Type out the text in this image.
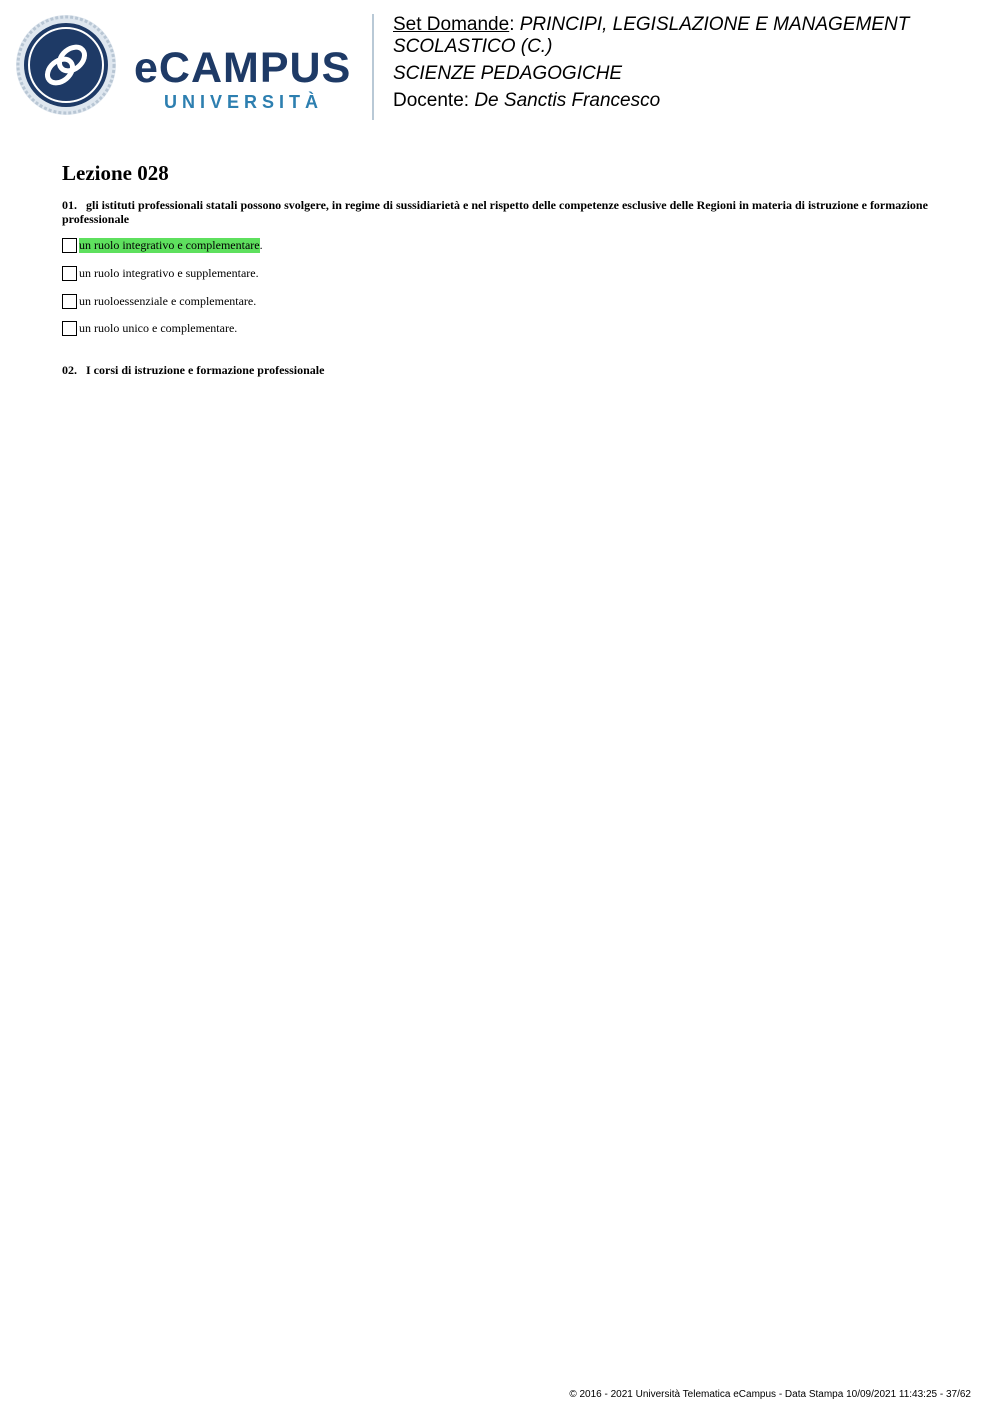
eCAMPUS
UNIVERSITÀ
Set Domande: PRINCIPI, LEGISLAZIONE E MANAGEMENT
SCOLASTICO (C.)
SCIENZE PEDAGOGICHE
Docente: De Sanctis Francesco
Lezione 028
01. gli istituti professionali statali possono svolgere, in regime di sussidiarietà e nel rispetto delle competenze esclusive delle Regioni in materia di istruzione e formazione professionale
un ruolo integrativo e complementare .
un ruolo integrativo e supplementare.
un ruoloessenziale e complementare.
un ruolo unico e complementare.
02. I corsi di istruzione e formazione professionale
© 2016 - 2021 Università Telematica eCampus - Data Stampa 10/09/2021 11:43:25 - 37/62
